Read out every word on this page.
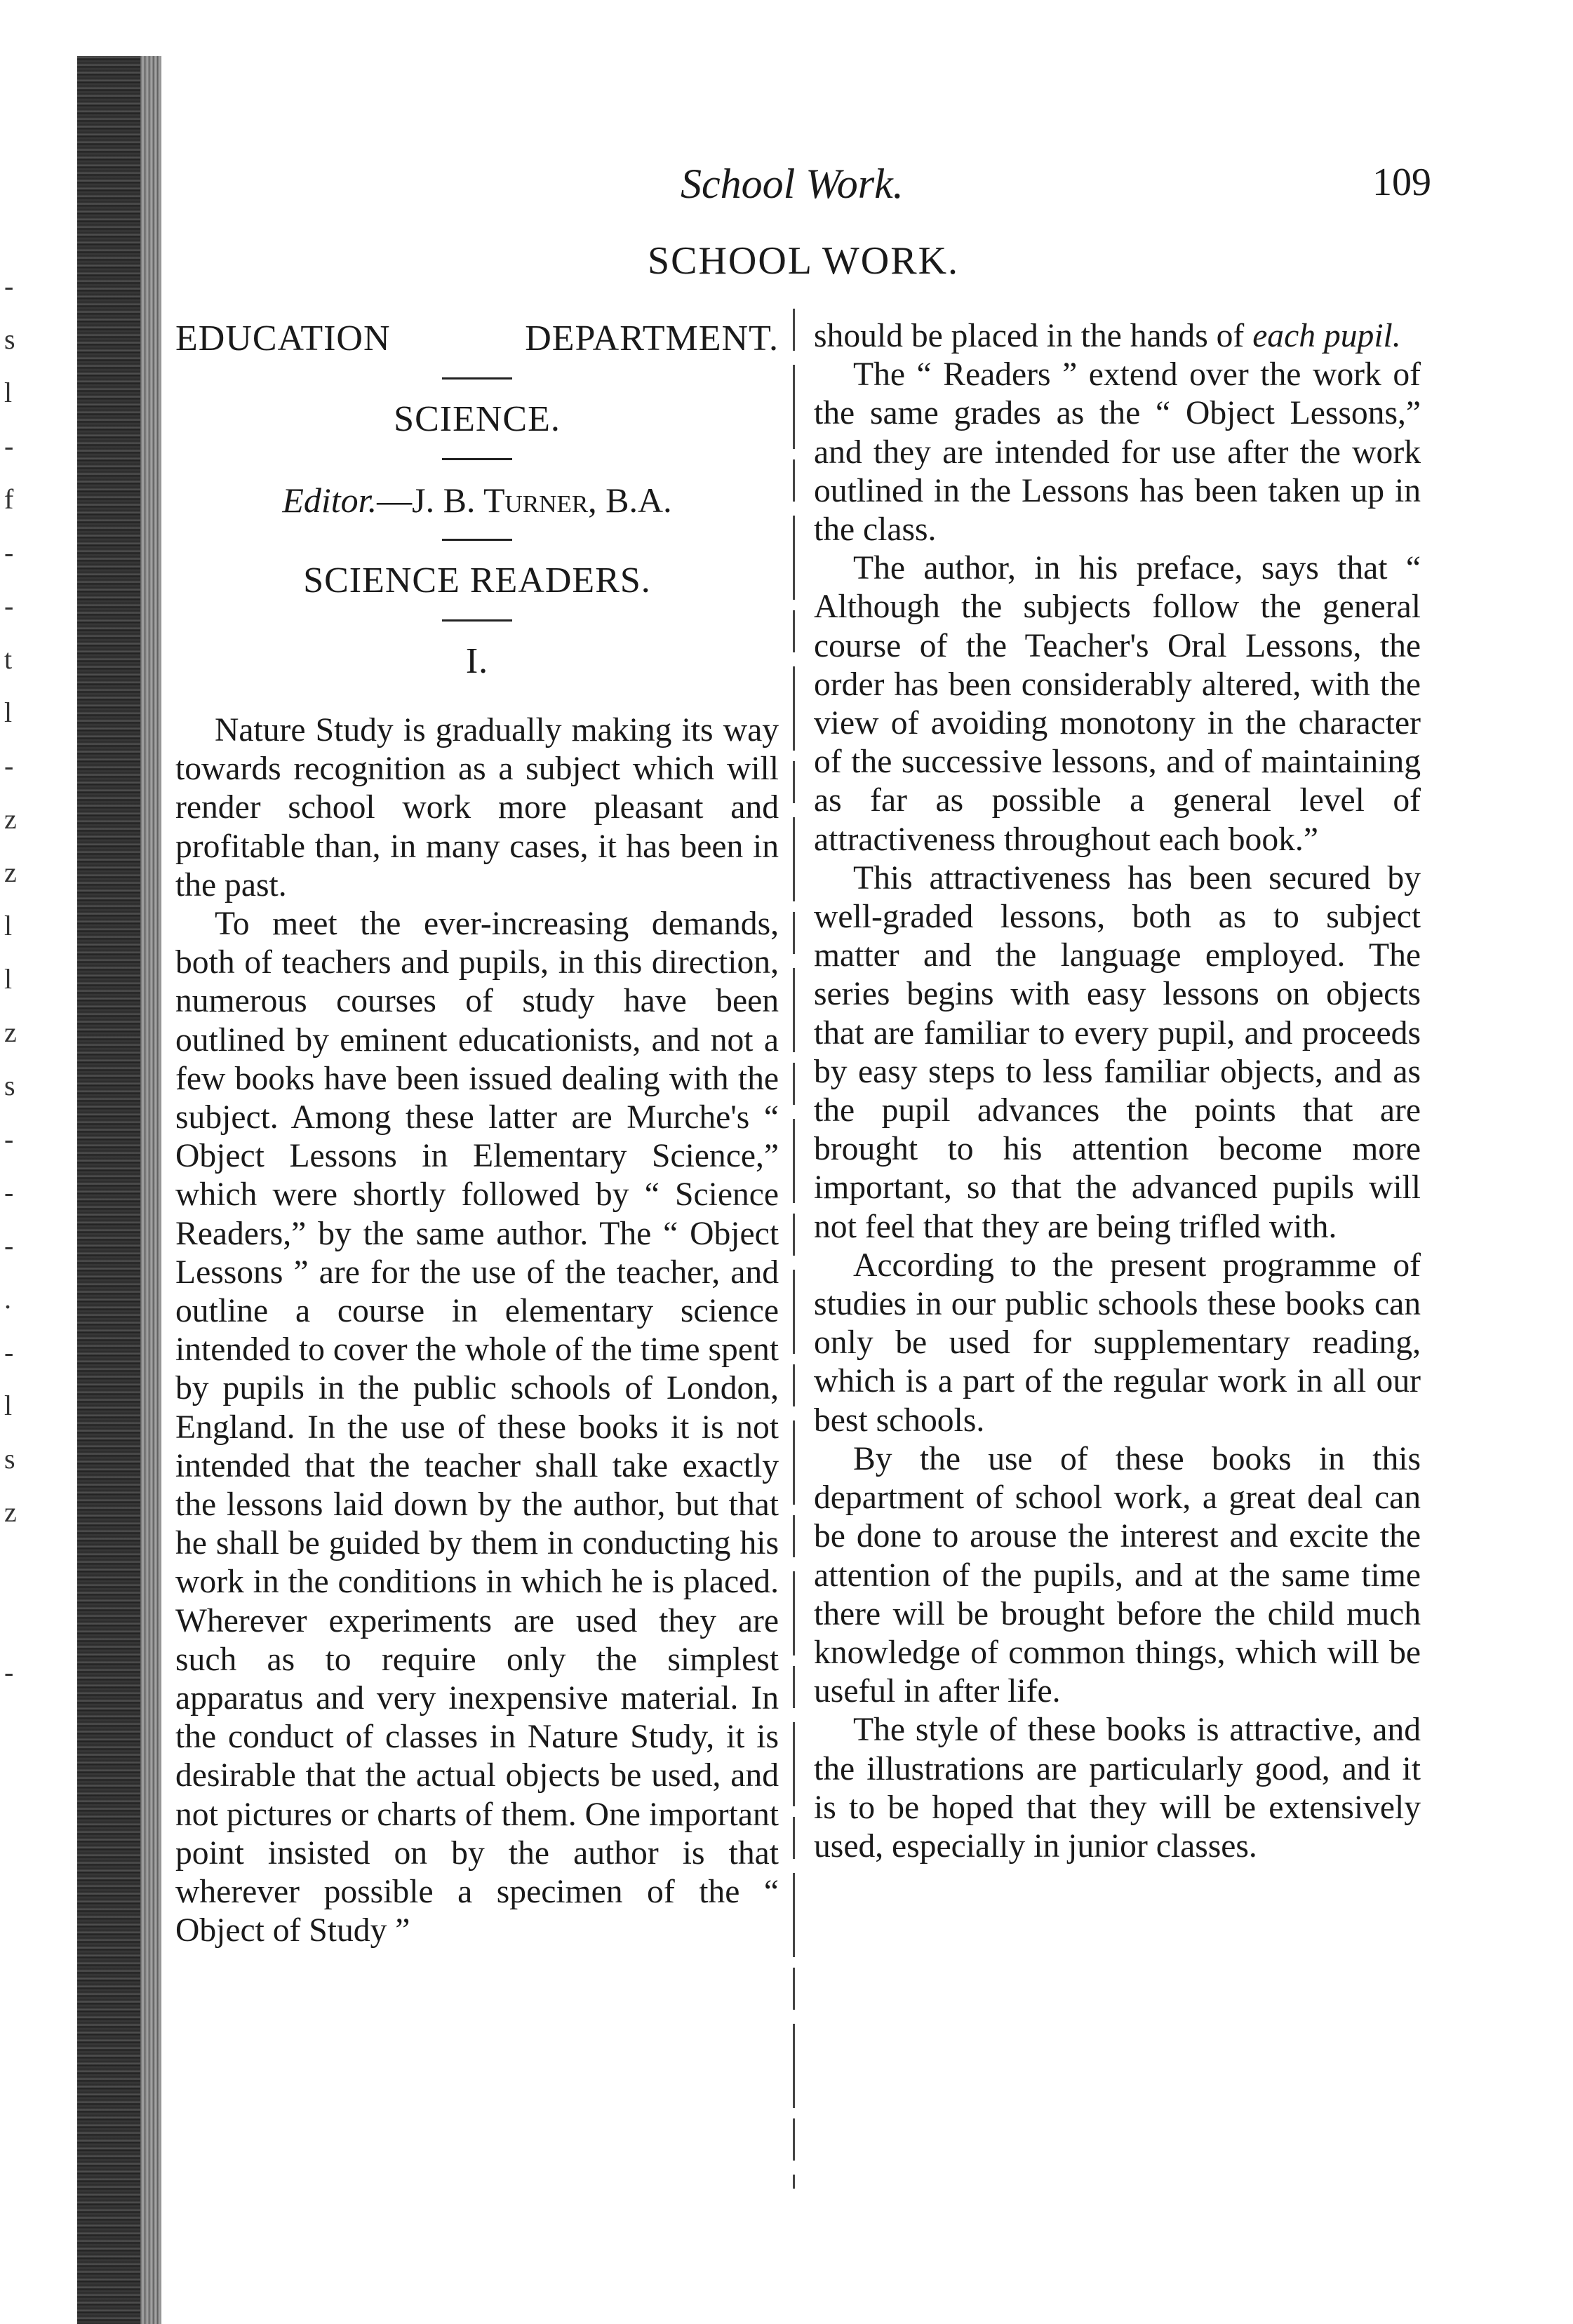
-
s
l
-
f
-
-
t
l
-
z
z
l
l
z
s
-
-
-
.
-
l
s
z
-
School Work.	109
SCHOOL WORK.
EDUCATION DEPARTMENT.
SCIENCE.
Editor.—J. B. Turner, B.A.
SCIENCE READERS.
I.

Nature Study is gradually making its way towards recognition as a subject which will render school work more pleasant and profitable than, in many cases, it has been in the past.

To meet the ever-increasing demands, both of teachers and pupils, in this direction, numerous courses of study have been outlined by eminent educationists, and not a few books have been issued dealing with the subject. Among these latter are Murche's “ Object Lessons in Elementary Science,” which were shortly followed by “ Science Readers,” by the same author. The “ Object Lessons ” are for the use of the teacher, and outline a course in elementary science intended to cover the whole of the time spent by pupils in the public schools of London, England. In the use of these books it is not intended that the teacher shall take exactly the lessons laid down by the author, but that he shall be guided by them in conducting his work in the conditions in which he is placed. Wherever experiments are used they are such as to require only the simplest apparatus and very inexpensive material. In the conduct of classes in Nature Study, it is desirable that the actual objects be used, and not pictures or charts of them. One important point insisted on by the author is that wherever possible a specimen of the “ Object of Study ”

should be placed in the hands of each pupil.

The “ Readers ” extend over the work of the same grades as the “ Object Lessons,” and they are intended for use after the work outlined in the Lessons has been taken up in the class.

The author, in his preface, says that “ Although the subjects follow the general course of the Teacher's Oral Lessons, the order has been considerably altered, with the view of avoiding monotony in the character of the successive lessons, and of maintaining as far as possible a general level of attractiveness throughout each book.”

This attractiveness has been secured by well-graded lessons, both as to subject matter and the language employed. The series begins with easy lessons on objects that are familiar to every pupil, and proceeds by easy steps to less familiar objects, and as the pupil advances the points that are brought to his attention become more important, so that the advanced pupils will not feel that they are being trifled with.

According to the present programme of studies in our public schools these books can only be used for supplementary reading, which is a part of the regular work in all our best schools.

By the use of these books in this department of school work, a great deal can be done to arouse the interest and excite the attention of the pupils, and at the same time there will be brought before the child much knowledge of common things, which will be useful in after life.

The style of these books is attractive, and the illustrations are particularly good, and it is to be hoped that they will be extensively used, especially in junior classes.
